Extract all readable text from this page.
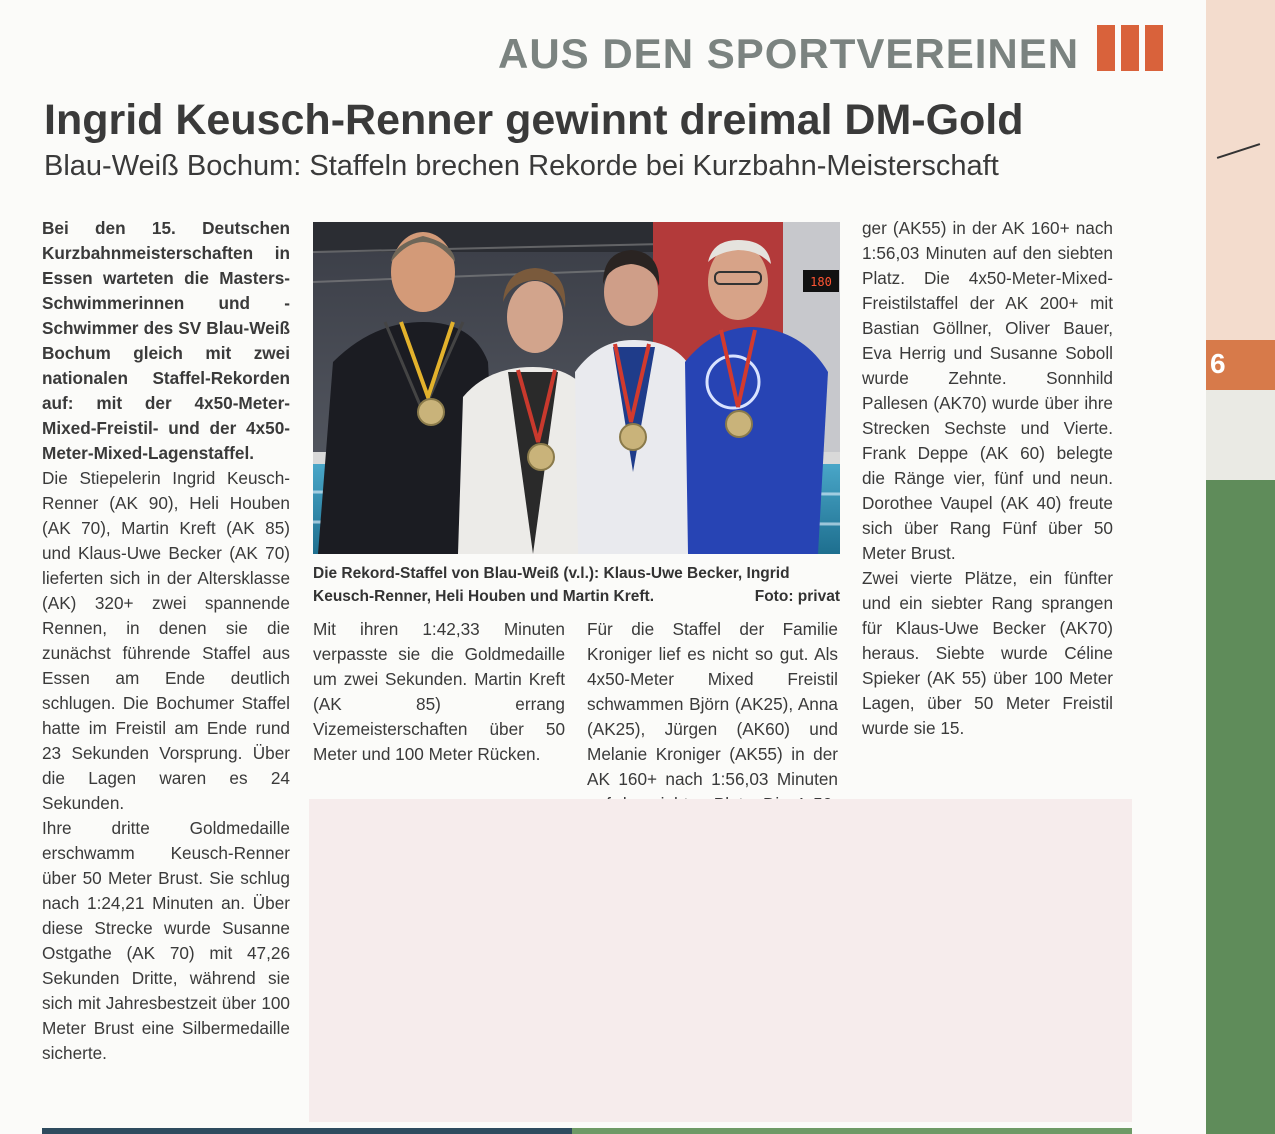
6
AUS DEN SPORTVEREINEN
Ingrid Keusch-Renner gewinnt dreimal DM-Gold
Blau-Weiß Bochum: Staffeln brechen Rekorde bei Kurzbahn-Meisterschaft

Bei den 15. Deutschen Kurzbahnmeisterschaften in Essen warteten die Masters-Schwimmerinnen und -Schwimmer des SV Blau-Weiß Bochum gleich mit zwei nationalen Staffel-Rekorden auf: mit der 4x50-Meter-Mixed-Freistil- und der 4x50-Meter-Mixed-Lagenstaffel.

Die Stiepelerin Ingrid Keusch-Renner (AK 90), Heli Houben (AK 70), Martin Kreft (AK 85) und Klaus-Uwe Becker (AK 70) lieferten sich in der Altersklasse (AK) 320+ zwei spannende Rennen, in denen sie die zunächst führende Staffel aus Essen am Ende deutlich schlugen. Die Bochumer Staffel hatte im Freistil am Ende rund 23 Sekunden Vorsprung. Über die Lagen waren es 24 Sekunden.

Ihre dritte Goldmedaille erschwamm Keusch-Renner über 50 Meter Brust. Sie schlug nach 1:24,21 Minuten an. Über diese Strecke wurde Susanne Ostgathe (AK 70) mit 47,26 Sekunden Dritte, während sie sich mit Jahresbestzeit über 100 Meter Brust eine Silbermedaille sicherte.

180
Die Rekord-Staffel von Blau-Weiß (v.l.): Klaus-Uwe Becker, Ingrid Keusch-Renner, Heli Houben und Martin Kreft.	Foto: privat

Mit ihren 1:42,33 Minuten verpasste sie die Goldmedaille um zwei Sekunden. Martin Kreft (AK 85) errang Vizemeisterschaften über 50 Meter und 100 Meter Rücken.

Für die Staffel der Familie Kroniger lief es nicht so gut. Als 4x50-Meter Mixed Freistil schwammen Björn (AK25), Anna (AK25), Jürgen (AK60) und Melanie Kroniger (AK55) in der AK 160+ nach 1:56,03 Minuten

ger (AK55) in der AK 160+ nach 1:56,03 Minuten auf den siebten Platz. Die 4x50-Meter-Mixed-Freistilstaffel der AK 200+ mit Bastian Göllner, Oliver Bauer, Eva Herrig und Susanne Soboll wurde Zehnte. Sonnhild Pallesen (AK70) wurde über ihre Strecken Sechste und Vierte. Frank Deppe (AK 60) belegte die Ränge vier, fünf und neun. Dorothee Vaupel (AK 40) freute sich über Rang Fünf über 50 Meter Brust.

Zwei vierte Plätze, ein fünfter und ein siebter Rang sprangen für Klaus-Uwe Becker (AK70) heraus. Siebte wurde Céline Spieker (AK 55) über 100 Meter Lagen, über 50 Meter Freistil wurde sie 15.
